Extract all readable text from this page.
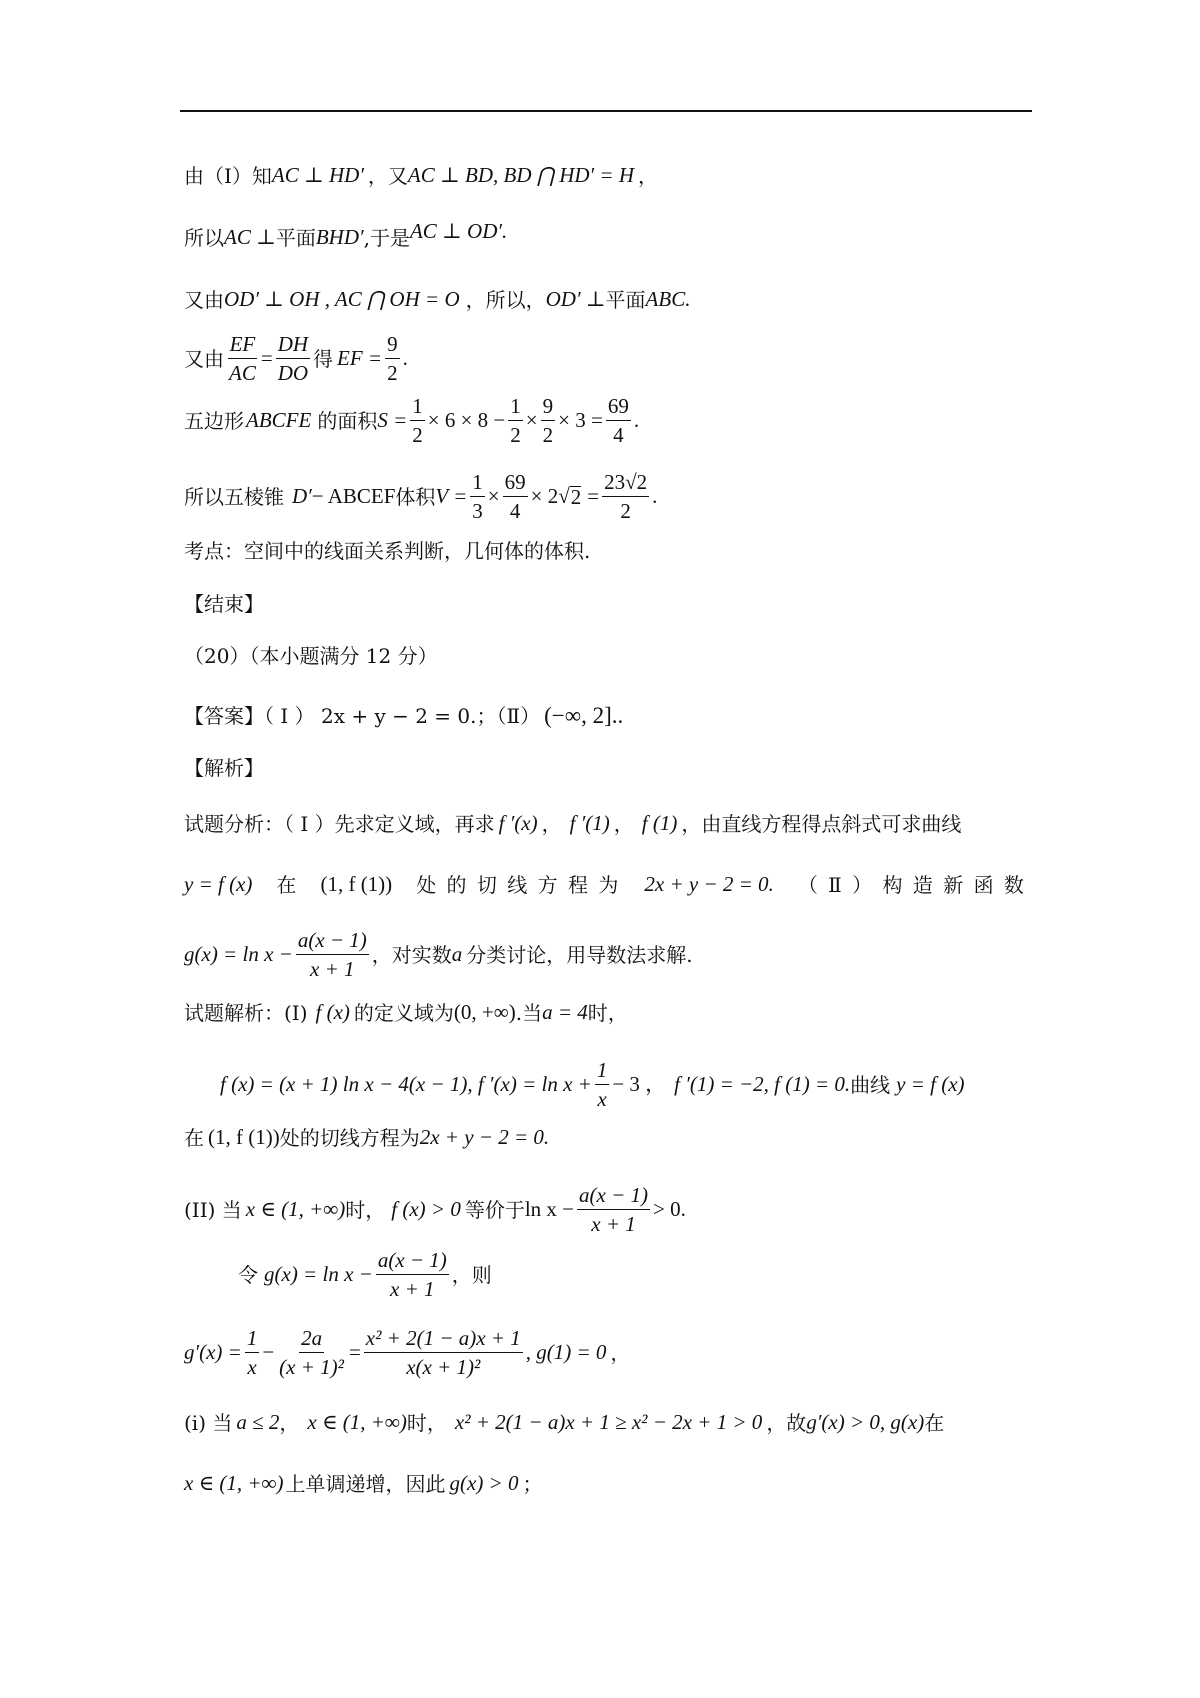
由（I）知 AC ⊥ HD′ ，又 AC ⊥ BD, BD ⋂ HD′ = H ，
所以 AC ⊥ 平面 BHD′ ,于是 AC ⊥ OD′.
又由 OD′ ⊥ OH , AC ⋂ OH = O ，所以， OD′ ⊥ 平面 ABC.
又由 $\frac{EF}{AC} = \frac{DH}{DO}$ 得 EF = $\frac{9}{2}$ .
五边形 ABCFE 的面积 $S = \frac{1}{2} \times 6 \times 8 - \frac{1}{2} \times \frac{9}{2} \times 3 = \frac{69}{4}$ .
所以五棱锥 D′ − ABCEF 体积 $V = \frac{1}{3} \times \frac{69}{4} \times 2√$ $2 = \frac{23√2}{2}$ .
考点：空间中的线面关系判断，几何体的体积.
【结束】
（20）（本小题满分 12 分）
【答案】（ Ⅰ ） 2x + y − 2 = 0.；（Ⅱ） (−∞, 2]..
【解析】
试题分析：（ Ⅰ ）先求定义域，再求 f ′(x) ， f ′(1) ， f (1) ，由直线方程得点斜式可求曲线
y = f (x) 在 (1, f (1)) 处 的 切 线 方 程 为 2x + y − 2 = 0. （ Ⅱ ） 构 造 新 函 数
$g(x) = \ln x - \frac{a(x - 1)}{x + 1}$ ，对实数 a 分类讨论，用导数法求解.
试题解析：(I) f (x) 的定义域为 (0, +∞) .当 a = 4 时，
f (x) = (x + 1) ln x − 4(x − 1), f $'(x) = \ln x + \frac{1}{x} - 3$ ， f ′(1) = −2, f (1) = 0. 曲线 y = f (x)
在 (1, f (1)) 处的切线方程为 2x + y − 2 = 0.
(II) 当 x ∈ (1, +∞) 时， f (x) > 0 等价于 $\ln x - \frac{a(x - 1)}{x + 1} > 0$.
令 $g(x) = \ln x - \frac{a(x - 1)}{x + 1}$ ，则
$g'(x) = \frac{1}{x} - \frac{2a}{\text{(x + 1)²}} = \frac{\text{x² + 2(1 − a)x + 1}}{\text{x(x + 1)²}}$ , g(1) = 0 ，
(i) 当 a ≤ 2 ， x ∈ (1, +∞) 时， x² + 2(1 − a)x + 1 ≥ x² − 2x + 1 > 0 ，故 g′(x) > 0, g(x) 在
x ∈ (1, +∞) 上单调递增，因此 g(x) > 0 ；
